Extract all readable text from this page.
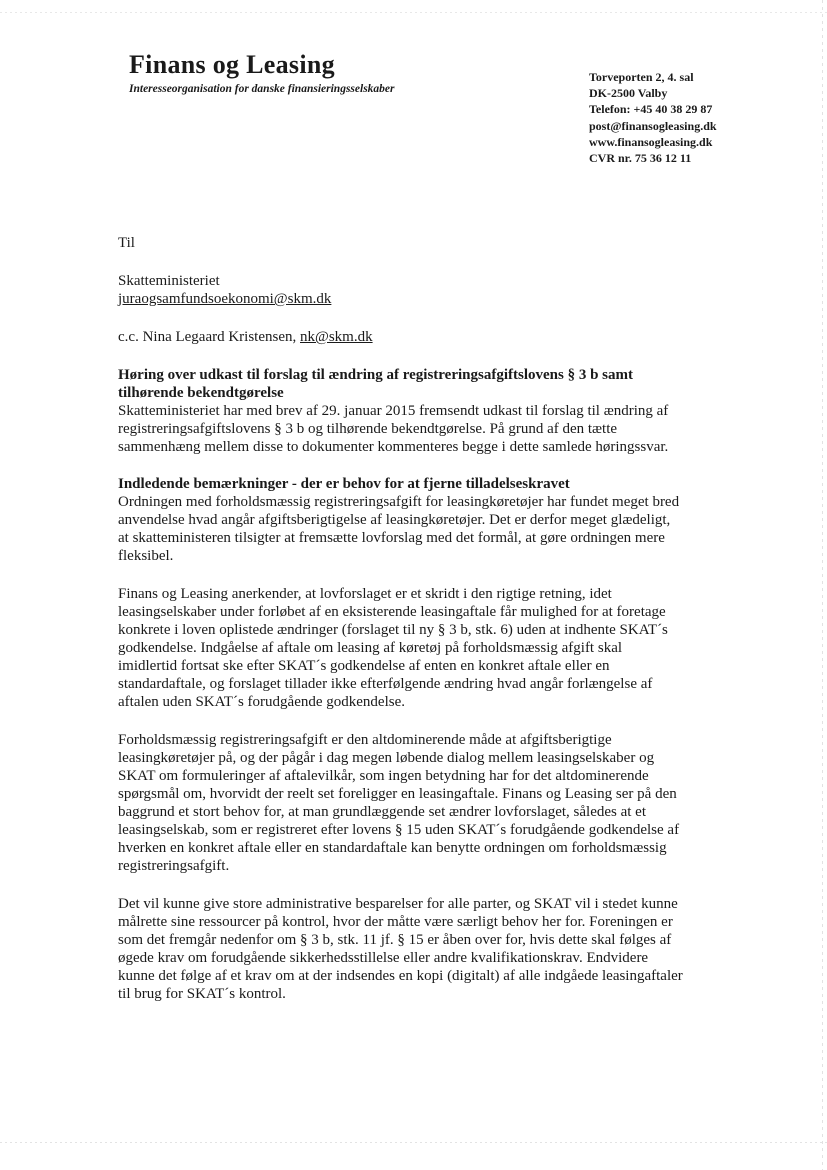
Finans og Leasing

Interesseorganisation for danske finansieringsselskaber

Torveporten 2, 4. sal
DK-2500 Valby
Telefon: +45 40 38 29 87
post@finansogleasing.dk
www.finansogleasing.dk
CVR nr. 75 36 12 11
Til
Skatteministeriet
juraogsamfundsoekonomi@skm.dk
c.c. Nina Legaard Kristensen, nk@skm.dk
Høring over udkast til forslag til ændring af registreringsafgiftslovens § 3 b samt
tilhørende bekendtgørelse
Skatteministeriet har med brev af 29. januar 2015 fremsendt udkast til forslag til ændring af
registreringsafgiftslovens § 3 b og tilhørende bekendtgørelse. På grund af den tætte
sammenhæng mellem disse to dokumenter kommenteres begge i dette samlede høringssvar.
Indledende bemærkninger - der er behov for at fjerne tilladelseskravet
Ordningen med forholdsmæssig registreringsafgift for leasingkøretøjer har fundet meget bred
anvendelse hvad angår afgiftsberigtigelse af leasingkøretøjer. Det er derfor meget glædeligt,
at skatteministeren tilsigter at fremsætte lovforslag med det formål, at gøre ordningen mere
fleksibel.
Finans og Leasing anerkender, at lovforslaget er et skridt i den rigtige retning, idet
leasingselskaber under forløbet af en eksisterende leasingaftale får mulighed for at foretage
konkrete i loven oplistede ændringer (forslaget til ny § 3 b, stk. 6) uden at indhente SKAT´s
godkendelse. Indgåelse af aftale om leasing af køretøj på forholdsmæssig afgift skal
imidlertid fortsat ske efter SKAT´s godkendelse af enten en konkret aftale eller en
standardaftale, og forslaget tillader ikke efterfølgende ændring hvad angår forlængelse af
aftalen uden SKAT´s forudgående godkendelse.
Forholdsmæssig registreringsafgift er den altdominerende måde at afgiftsberigtige
leasingkøretøjer på, og der pågår i dag megen løbende dialog mellem leasingselskaber og
SKAT om formuleringer af aftalevilkår, som ingen betydning har for det altdominerende
spørgsmål om, hvorvidt der reelt set foreligger en leasingaftale. Finans og Leasing ser på den
baggrund et stort behov for, at man grundlæggende set ændrer lovforslaget, således at et
leasingselskab, som er registreret efter lovens § 15 uden SKAT´s forudgående godkendelse af
hverken en konkret aftale eller en standardaftale kan benytte ordningen om forholdsmæssig
registreringsafgift.
Det vil kunne give store administrative besparelser for alle parter, og SKAT vil i stedet kunne
målrette sine ressourcer på kontrol, hvor der måtte være særligt behov her for. Foreningen er
som det fremgår nedenfor om § 3 b, stk. 11 jf. § 15 er åben over for, hvis dette skal følges af
øgede krav om forudgående sikkerhedsstillelse eller andre kvalifikationskrav. Endvidere
kunne det følge af et krav om at der indsendes en kopi (digitalt) af alle indgåede leasingaftaler
til brug for SKAT´s kontrol.
